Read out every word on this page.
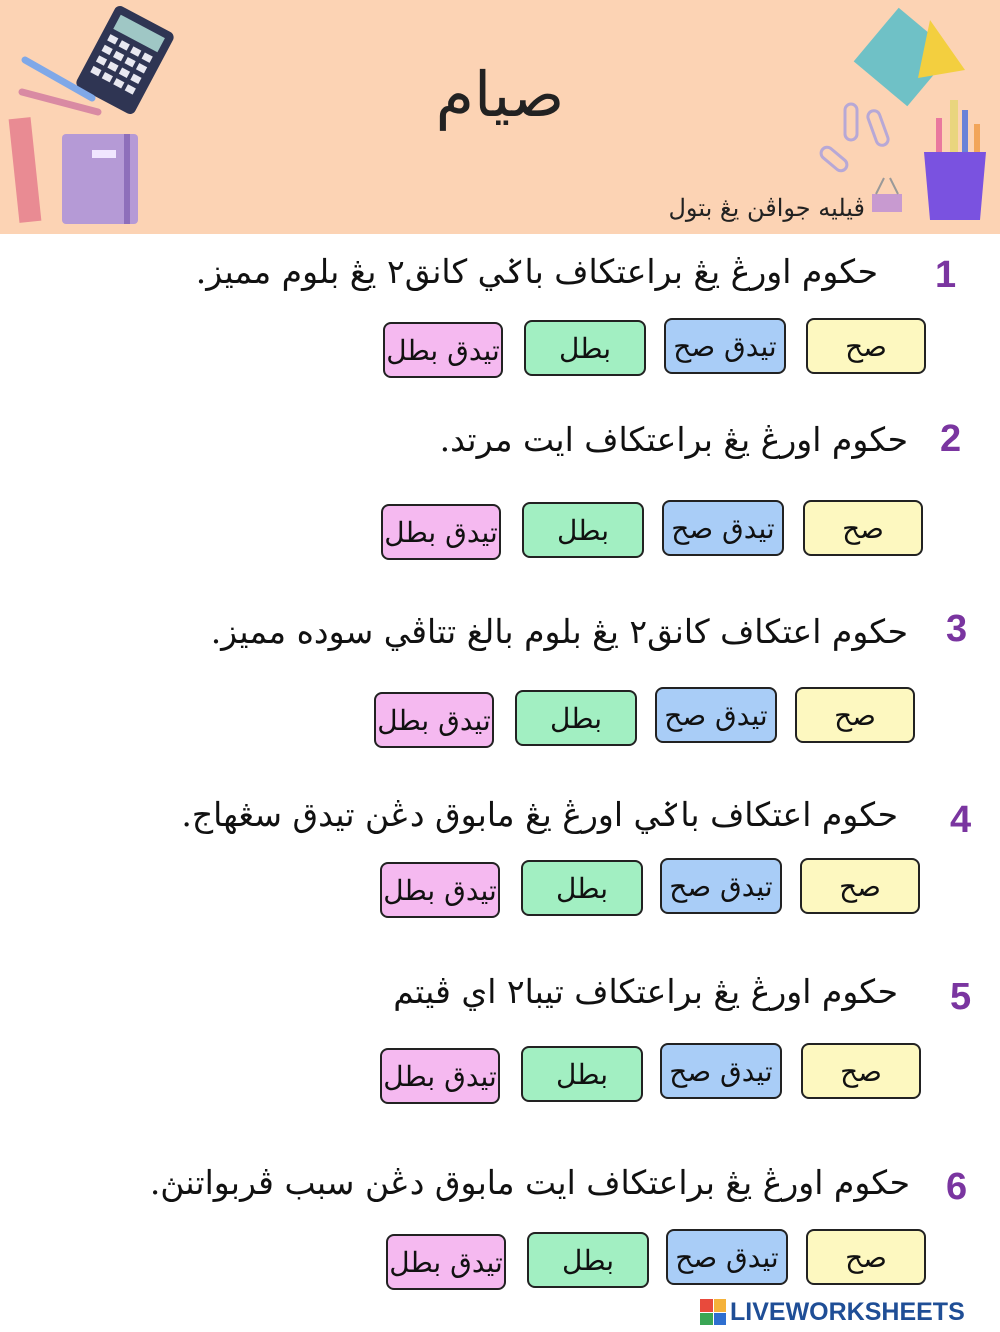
صيام
ڤيليه جواڤن يڠ بتول
1
حکوم اورڠ يڠ براعتکاف باݢي کانق٢ يڠ بلوم مميز.
صح
تيدق صح
بطل
تيدق بطل
2
حکوم اورڠ يڠ براعتکاف ايت مرتد.
صح
تيدق صح
بطل
تيدق بطل
3
حکوم اعتکاف کانق٢ يڠ بلوم بالغ تتاڤي سوده مميز.
صح
تيدق صح
بطل
تيدق بطل
4
حکوم اعتکاف باݢي اورڠ يڠ مابوق دڠن تيدق سڠهاج.
صح
تيدق صح
بطل
تيدق بطل
5
حکوم اورڠ يڠ براعتکاف تيبا٢ اي ڤيتم
صح
تيدق صح
بطل
تيدق بطل
6
حکوم اورڠ يڠ براعتکاف ايت مابوق دڠن سبب ڤربواتنڽ.
صح
تيدق صح
بطل
تيدق بطل
LIVEWORKSHEETS
